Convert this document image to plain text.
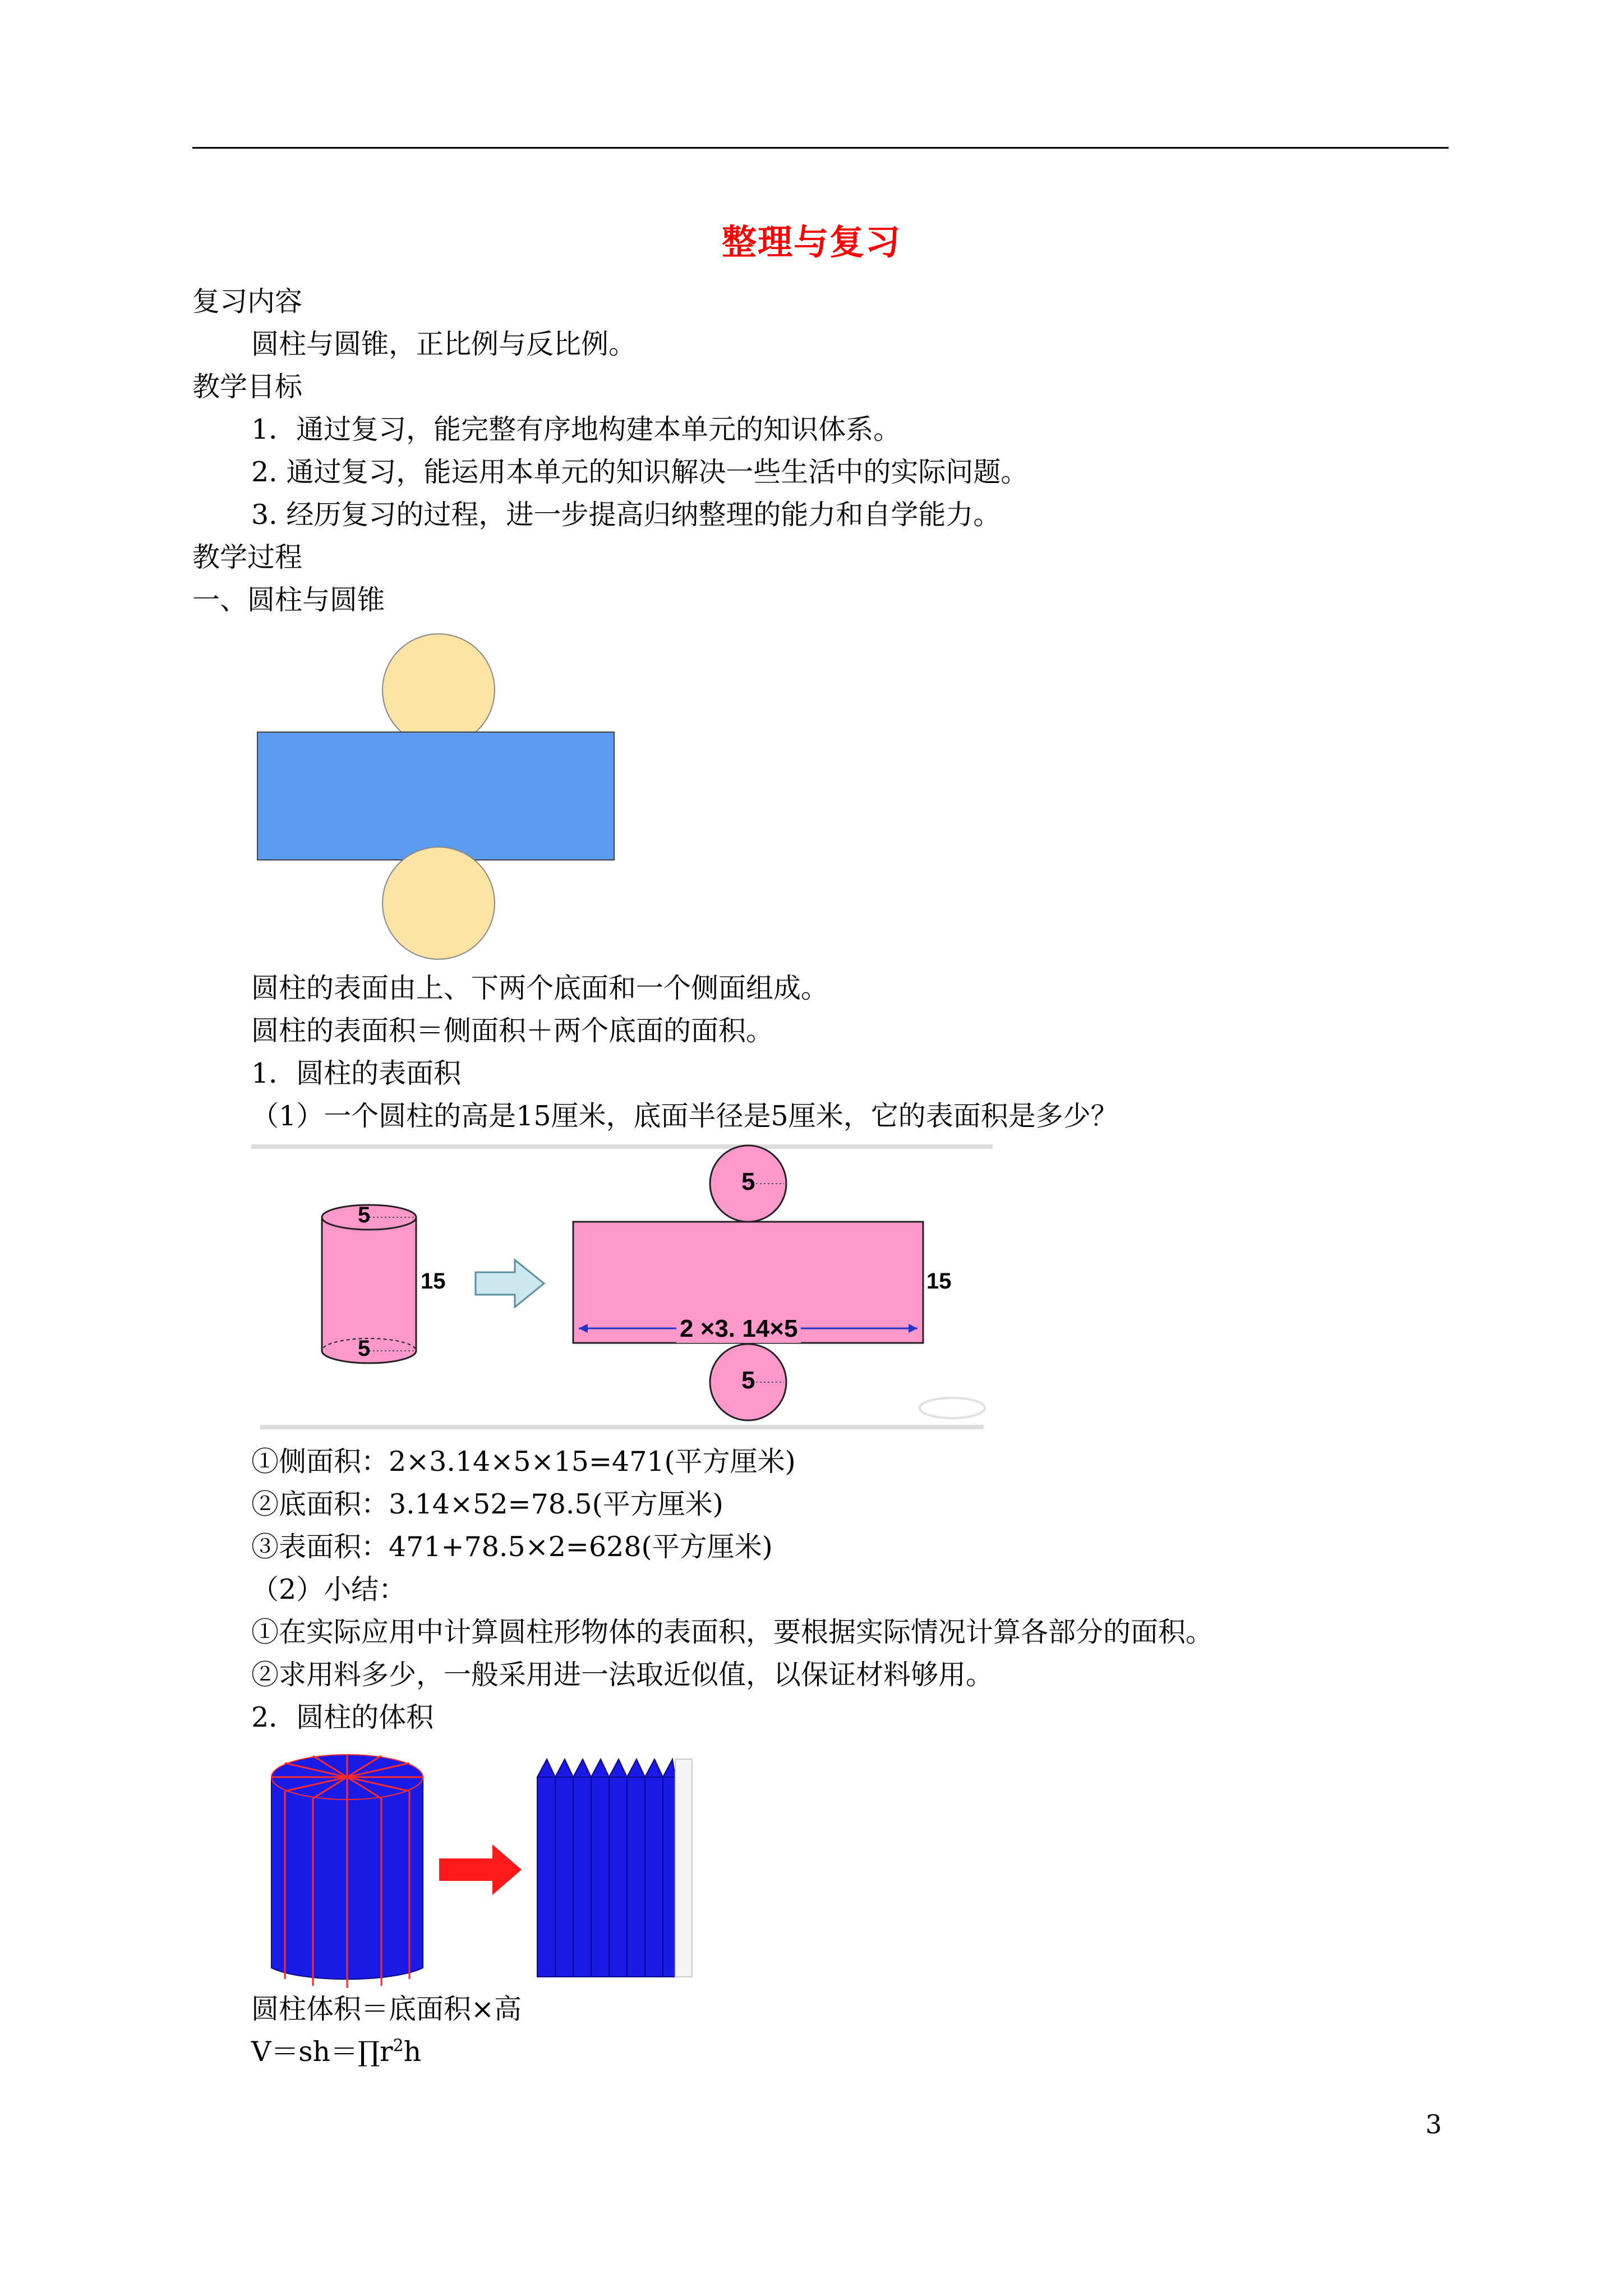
整理与复习
复习内容
圆柱与圆锥，正比例与反比例。
教学目标
1．通过复习，能完整有序地构建本单元的知识体系。
2. 通过复习，能运用本单元的知识解决一些生活中的实际问题。
3. 经历复习的过程，进一步提高归纳整理的能力和自学能力。
教学过程
一、圆柱与圆锥
圆柱的表面由上、下两个底面和一个侧面组成。
圆柱的表面积＝侧面积＋两个底面的面积。
1．圆柱的表面积
（1）一个圆柱的高是15厘米，底面半径是5厘米，它的表面积是多少？
5
5
15
5
5
15
2 ×3. 14×5
①侧面积：2×3.14×5×15=471(平方厘米)
②底面积：3.14×52=78.5(平方厘米)
③表面积：471+78.5×2=628(平方厘米)
（2）小结：
①在实际应用中计算圆柱形物体的表面积，要根据实际情况计算各部分的面积。
②求用料多少，一般采用进一法取近似值，以保证材料够用。
2．圆柱的体积
圆柱体积＝底面积×高
$V=sh=\prod r^2h$
3
